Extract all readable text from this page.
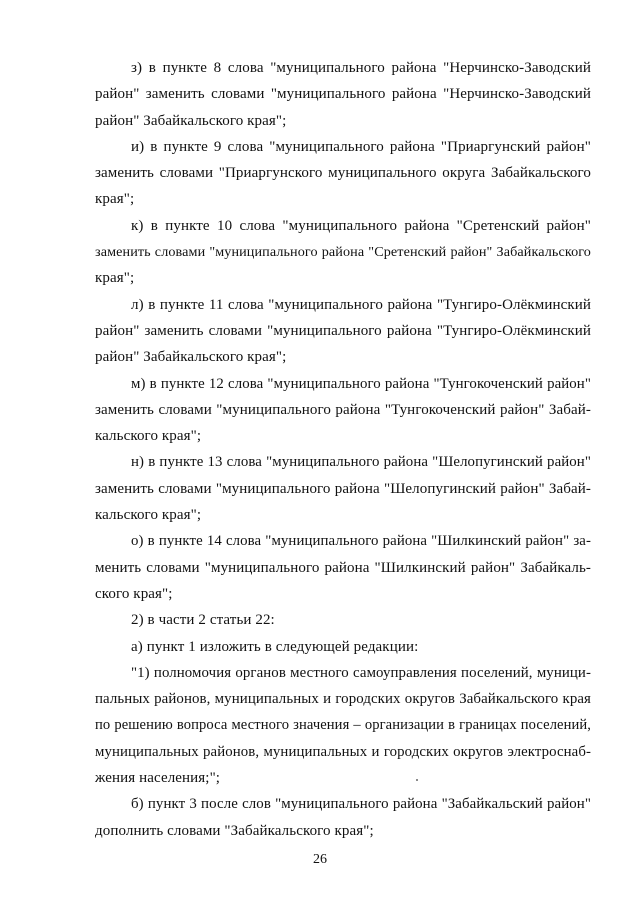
з) в пункте 8 слова "муниципального района "Нерчинско-Заводский
район" заменить словами "муниципального района "Нерчинско-Заводский
район" Забайкальского края";
и) в пункте 9 слова "муниципального района "Приаргунский район"
заменить словами "Приаргунского муниципального округа Забайкальского
края";
к) в пункте 10 слова "муниципального района "Сретенский район"
заменить словами "муниципального района "Сретенский район" Забайкальского
края";
л) в пункте 11 слова "муниципального района "Тунгиро-Олёкминский
район" заменить словами "муниципального района "Тунгиро-Олёкминский
район" Забайкальского края";
м) в пункте 12 слова "муниципального района "Тунгокоченский район"
заменить словами "муниципального района "Тунгокоченский район" Забай-
кальского края";
н) в пункте 13 слова "муниципального района "Шелопугинский район"
заменить словами "муниципального района "Шелопугинский район" Забай-
кальского края";
о) в пункте 14 слова "муниципального района "Шилкинский район" за-
менить словами "муниципального района "Шилкинский район" Забайкаль-
ского края";
2) в части 2 статьи 22:
а) пункт 1 изложить в следующей редакции:
"1) полномочия органов местного самоуправления поселений, муници-
пальных районов, муниципальных и городских округов Забайкальского края
по решению вопроса местного значения – организации в границах поселений,
муниципальных районов, муниципальных и городских округов электроснаб-
жения населения;";
б) пункт 3 после слов "муниципального района "Забайкальский район"
дополнить словами "Забайкальского края";
26
